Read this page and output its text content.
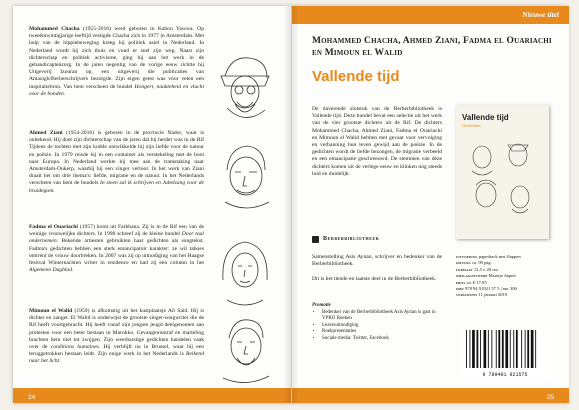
Mohammed Chacha (1955-2016) werd geboren in Kahou Yawwa. Op tweeëntwintigjarige leeftijd vestigde Chacha zich in 1977 in Amsterdam. Met hulp van de hippiebeweging kreeg hij politiek asiel in Nederland. In Nederland wordt hij zich thuis en vond er snel zijn weg. Naast zijn dichterschap en politiek activisme, ging hij aan het werk in de gehandicaptenzorg. In de jaren negentig van de vorige eeuw richtte hij Uitgeverij Izouran op, een uitgeverij die publicaties van Amazigh/Berberschrijvers bezorgde. Zijn eigen geest was voor velen een inspiratiebron. Van hem verscheen de bundel Hongert, naakteheid en vlucht voor de bonden.

Ahmed Ziani (1954-2016) is geboren in de provincie Nador, waar is onbekend. Hij doet zijn dichterschap van de jaren dat hij herder was in de Rif Tijdens de tochten met zijn kudde ontwikkelde hij zijn liefde voor de natuur en poëzie. In 1979 reisde hij in een container als verstekeling met de boot naar Europa. In Nederland werkte hij mee aan de tramstaking naar Amsterdam-Oukerp, waarbij hij een vinger verloor. In het werk van Ziani draait het om drie thema's: liefde, migratie en de natuur. In het Nederlands verscheen van hem de bundels In steen zal ik schrijven en Jubelzang voor de bruidegom.

Fadma el Ouariachi (1957) komt uit Farkhana. Zij is in de Rif een van de weinige vrouwelijke dichters. In 1998 schreef zij de kleine bundel Door taal ondernemen. Bekende artiesten gebruikten haar gedichten als songtekst. Fadma's gedichten hebben een sterk emancipatoir karakter: ze wil taboes omtrent de vrouw doorbreken. In 2007 was zij op uitnodiging van het Haagse festival Winternachten writer in residence en had zij een column in het Algemeen Dagblad.

Mimoun el Walid (1959) is afkomstig uit het kustplaatsje Aït Said. Hij is dichter en zanger. El Walid is onderwijst de grootste singer-songwriter die de Rif heeft voortgebracht. Hij heeft vanaf zijn jongste jeugd deelgenomen aan protesten voor een beter bestaan in Marokko. Gevangenisstraf en marteling brachten hem niet tot zwijgen. Zijn weerbarstige gedichten handelen vaak over de conditions humaines. Hij verblijft nu in Brussel, waar hij een teruggetrokken bestaan leidt. Zijn enige werk in het Nederlands is Reikend naar het licht.

24
Nieuwe titel
Mohammed Chacha, Ahmed Ziani, Fadma el Ouariachi en Mimoun el Walid
Vallende tijd

De daverende slotstuk van de Berberbibliotheek is Vallende tijd. Deze bundel bevat een selectie uit het werk van de vier grootste dichters uit de Rif. De dichters Mohammed Chacha, Ahmed Ziani, Fadma el Ouariachi en Mimoun el Walid hebben met gevaar voor vervolging en verbanning hun leven gewijd aan de poëzie. In de gedichten wordt de liefde bezongen, de migratie verbeeld en een emancipatie geschreeuwd. De stemmen van deze dichters komen uit de verlege eeuw en klinken nog steeds luid en duidelijk.

Berberbibliotheek

Samenstelling Asis Aynan, schrijver en bedenker van de Berberbibliotheek.

Dit is het tiende en laatste deel in de Berberbibliotheek.

Vallende tijd
Gedichten
uitvoering paperback met flappen
omvang ca. 90 pag.
formaat 12,5 x 20 cm
omslagontwerp Maartje Jaquet
prijs ca. € 17,95
isbn 978 94 91921 57 5 | nur 306
verschijnt 11 januari 2019
Promotie
• Bedenker van de Berberbibliotheek Asis Aynan is gast in VPRO Boeken
• Lezersuitnodiging
• Boekpresentaties
• Sociale media: Twitter, Facebook
9 789491 921575
25
